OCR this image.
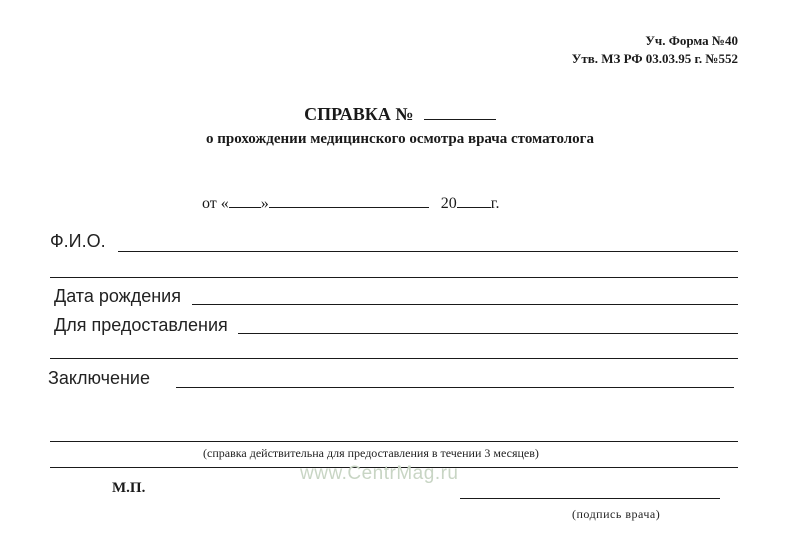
Уч. Форма №40
Утв. МЗ РФ 03.03.95 г. №552
СПРАВКА №
о прохождении медицинского осмотра врача стоматолога
от « »	20 г.
Ф.И.О.
Дата рождения
Для предоставления
Заключение
(справка действительна для предоставления в течении 3 месяцев)
www.CentrMag.ru
М.П.
(подпись врача)
